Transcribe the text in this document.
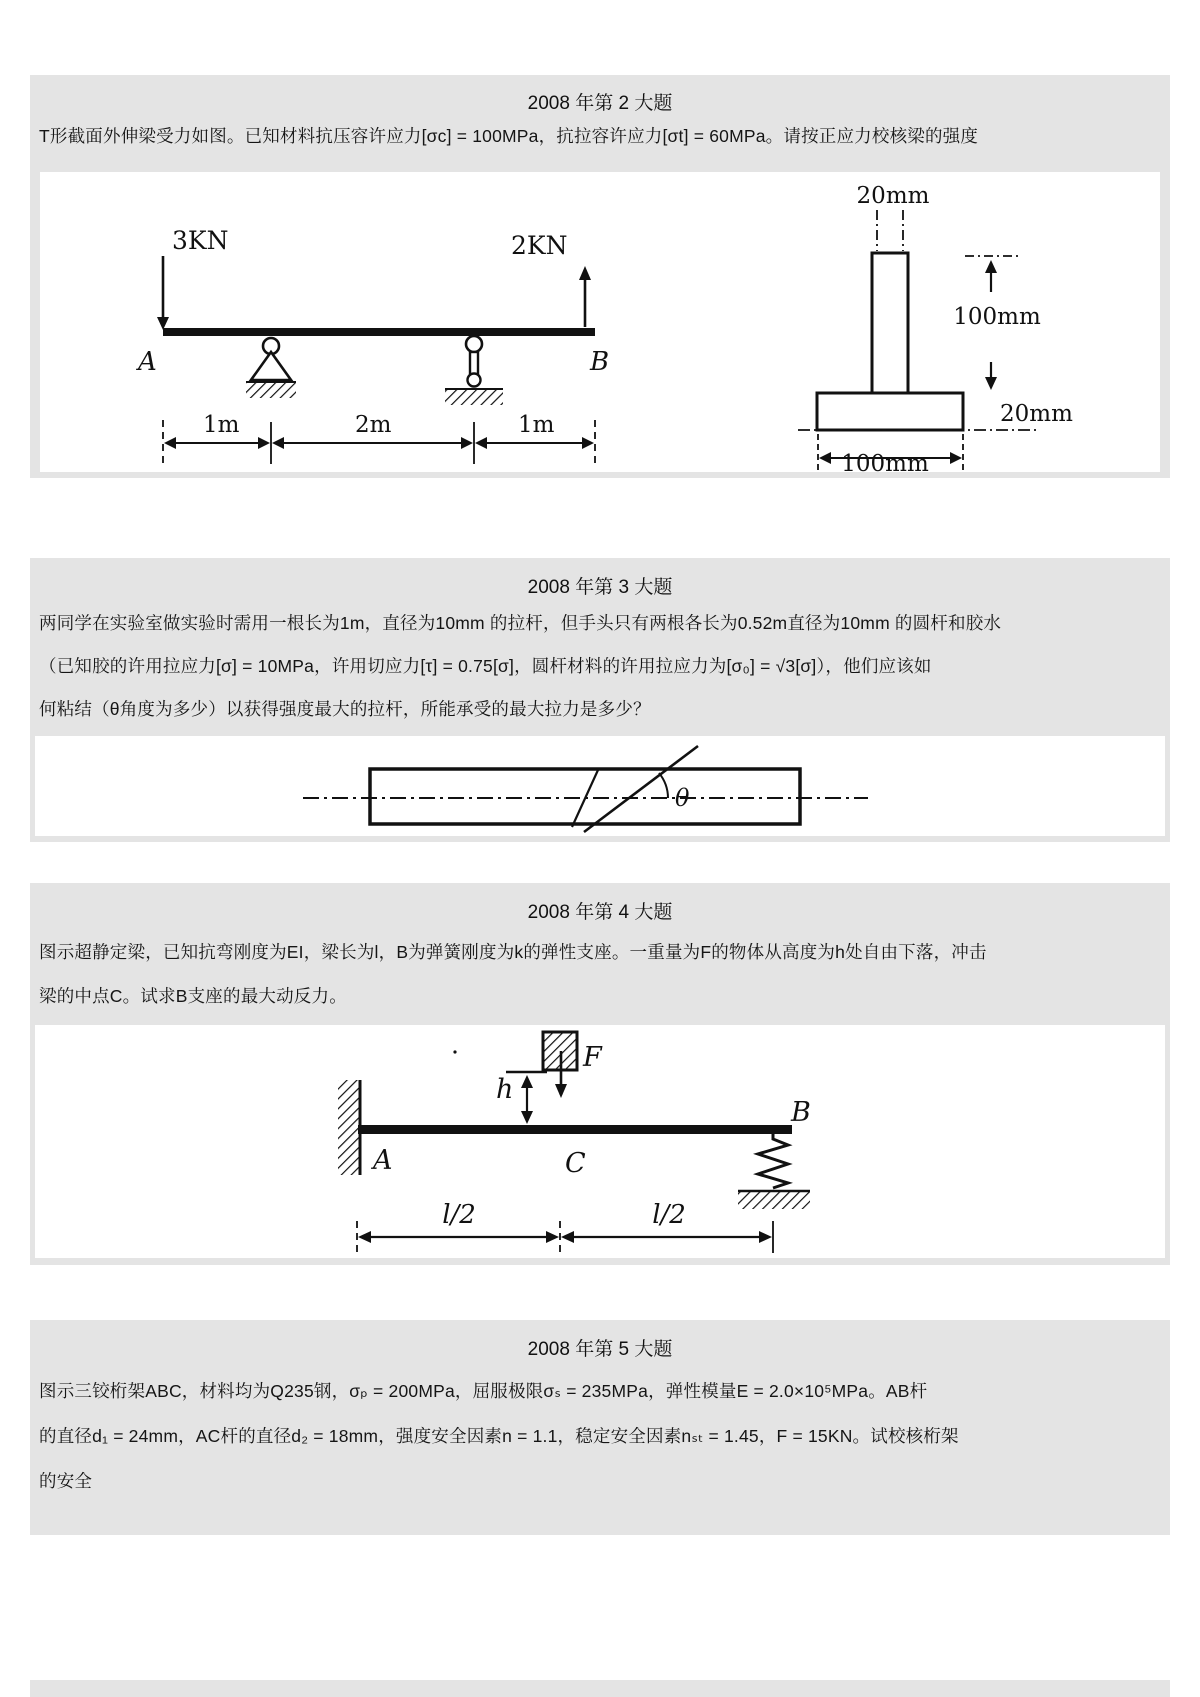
2008 年第 2 大题
T形截面外伸梁受力如图。已知材料抗压容许应力[σc] = 100MPa，抗拉容许应力[σt] = 60MPa。请按正应力校核梁的强度
3KN	2KN
A	B
1m	2m	1m
20mm
100mm
20mm
100mm
2008 年第 3 大题
两同学在实验室做实验时需用一根长为1m，直径为10mm 的拉杆，但手头只有两根各长为0.52m直径为10mm 的圆杆和胶水
（已知胶的许用拉应力[σ] = 10MPa，许用切应力[τ] = 0.75[σ]，圆杆材料的许用拉应力为[σ₀] = √3[σ]），他们应该如
何粘结（θ角度为多少）以获得强度最大的拉杆，所能承受的最大拉力是多少？
θ
2008 年第 4 大题
图示超静定梁，已知抗弯刚度为EI，梁长为l，B为弹簧刚度为k的弹性支座。一重量为F的物体从高度为h处自由下落，冲击
梁的中点C。试求B支座的最大动反力。
F
h
A	C
B
l/2	l/2
2008 年第 5 大题
图示三铰桁架ABC，材料均为Q235钢，σₚ = 200MPa，屈服极限σₛ = 235MPa，弹性模量E = 2.0×10⁵MPa。AB杆
的直径d₁ = 24mm，AC杆的直径d₂ = 18mm，强度安全因素n = 1.1，稳定安全因素nₛₜ = 1.45，F = 15KN。试校核桁架
的安全
